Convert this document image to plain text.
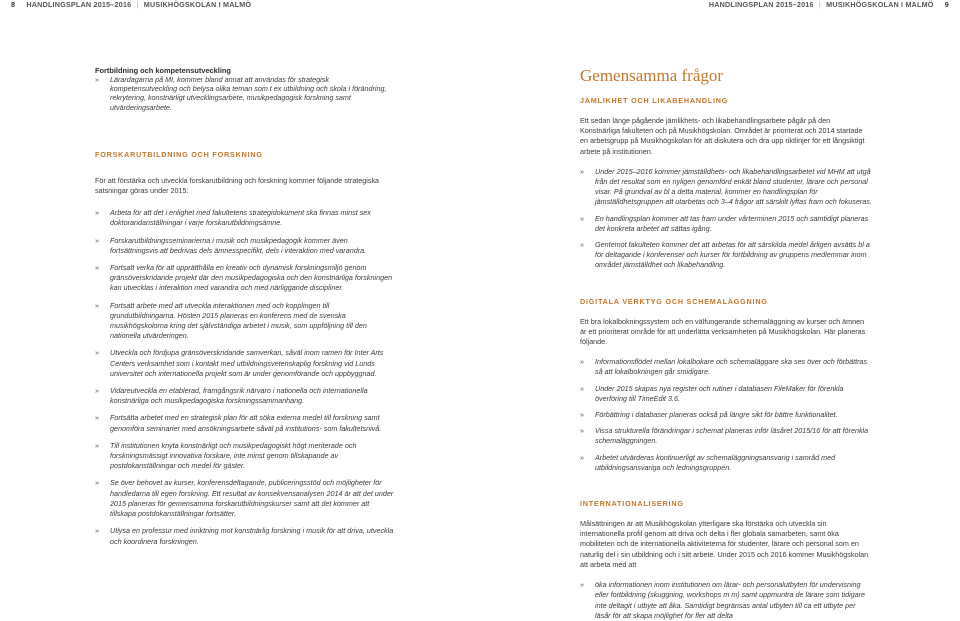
8 HANDLINGSPLAN 2015–2016 | MUSIKHÖGSKOLAN I MALMÖ	HANDLINGSPLAN 2015–2016 | MUSIKHÖGSKOLAN I MALMÖ 9

Fortbildning och kompetensutveckling

» Lärardagarna på MI, kommer bland annat att användas för strategisk kompetensutveckling och belysa olika teman som t ex utbildning och skola i förändring, rekrytering, konstnärligt utvecklingsarbete, musikpedagogisk forskning samt utvärderingsarbete.

FORSKARUTBILDNING OCH FORSKNING

För att förstärka och utveckla forskarutbildning och forskning kommer följande strategiska satsningar göras under 2015:

» Arbeta för att det i enlighet med fakultetens strategidokument ska finnas minst sex doktorandanställningar i varje forskarutbildningsämne.
» Forskarutbildningsseminarierna i musik och musikpedagogik kommer även fortsättningsvis att bedrivas dels ämnesspecifikt, dels i interaktion med varandra.
» Fortsatt verka för att upprätthålla en kreativ och dynamisk forskningsmiljö genom gränsöverskridande projekt där den musikpedagogiska och den konstnärliga forskningen kan utvecklas i interaktion med varandra och med närliggande discipliner.
» Fortsatt arbete med att utveckla interaktionen med och kopplingen till grundutbildningarna. Hösten 2015 planeras en konferens med de svenska musikhögskolorna kring det självständiga arbetet i musik, som uppföljning till den nationella utvärderingen.
» Utveckla och fördjupa gränsöverskridande samverkan, såväl inom ramen för Inter Arts Centers verksamhet som i kontakt med utbildningsvetenskaplig forskning vid Lunds universitet och internationella projekt som är under genomförande och uppbyggnad.
» Vidareutveckla en etablerad, framgångsrik närvaro i nationella och internationella konstnärliga och musikpedagogiska forskningssammanhang.
» Fortsätta arbetet med en strategisk plan för att söka externa medel till forskning samt genomföra seminarier med ansökningsarbete såväl på institutions- som fakultetsnivå.
» Till institutionen knyta konstnärligt och musikpedagogiskt högt meriterade och forskningsmässigt innovativa forskare, inte minst genom tillskapande av postdokanställningar och medel för gäster.
» Se över behovet av kurser, konferensdeltagande, publiceringsstöd och möjligheter för handledarna till egen forskning. Ett resultat av konsekvensanalysen 2014 är att det under 2015 planeras för gemensamma forskarutbildningskurser samt att det kommer att tillskapa postdokanställningar fortsätter.
» Utlysa en professur med inriktning mot konstnärlig forskning i musik för att driva, utveckla och koordinera forskningen.

Gemensamma frågor

JÄMLIKHET OCH LIKABEHANDLING

Ett sedan länge pågående jämlikhets- och likabehandlingsarbete pågår på den Konstnärliga fakulteten och på Musikhögskolan. Området är prioriterat och 2014 startade en arbetsgrupp på Musikhögskolan för att diskutera och dra upp riktlinjer för ett långsiktigt arbete på institutionen.

» Under 2015–2016 kommer jämställdhets- och likabehandlingsarbetet vid MHM att utgå från det resultat som en nyligen genomförd enkät bland studenter, lärare och personal visar. På grundval av bl a detta material, kommer en handlingsplan för jämställdhetsgruppen att utarbetas och 3–4 frågor att särskilt lyftas fram och fokuseras.
» En handlingsplan kommer att tas fram under vårterminen 2015 och samtidigt planeras det konkreta arbetet att sättas igång.
» Gentemot fakulteten kommer det att arbetas för att särskilda medel årligen avsätts bl a för deltagande i konferenser och kurser för fortbildning av gruppens medlemmar inom området jämställdhet och likabehandling.

DIGITALA VERKTYG OCH SCHEMALÄGGNING

Ett bra lokalbokningssystem och en välfungerande schemaläggning av kurser och ämnen är ett prioriterat område för att underlätta verksamheten på Musikhögskolan. Här planeras följande.

» Informationsflödet mellan lokalbokare och schemaläggare ska ses över och förbättras så att lokalbokningen går smidigare.
» Under 2015 skapas nya register och rutiner i databasen FileMaker för förenkla överföring till TimeEdit 3.6.
» Förbättring i databaser planeras också på längre sikt för bättre funktionalitet.
» Vissa strukturella förändringar i schemat planeras inför läsåret 2015/16 för att förenkla schemaläggningen.
» Arbetet utvärderas kontinuerligt av schemaläggningsansvarig i samråd med utbildningsansvariga och ledningsgruppen.

INTERNATIONALISERING

Målsättningen är att Musikhögskolan ytterligare ska förstärka och utveckla sin internationella profil genom att driva och delta i fler globala samarbeten, samt öka mobiliteten och de internationella aktiviteterna för studenter, lärare och personal som en naturlig del i sin utbildning och i sitt arbete. Under 2015 och 2016 kommer Musikhögskolan att arbeta med att

» öka informationen inom institutionen om lärar- och personalutbyten för undervisning eller fortbildning (skuggning, workshops m m) samt uppmuntra de lärare som tidigare inte deltagit i utbyte att åka. Samtidigt begränsas antal utbyten till ca ett utbyte per läsår för att skapa möjlighet för fler att delta
